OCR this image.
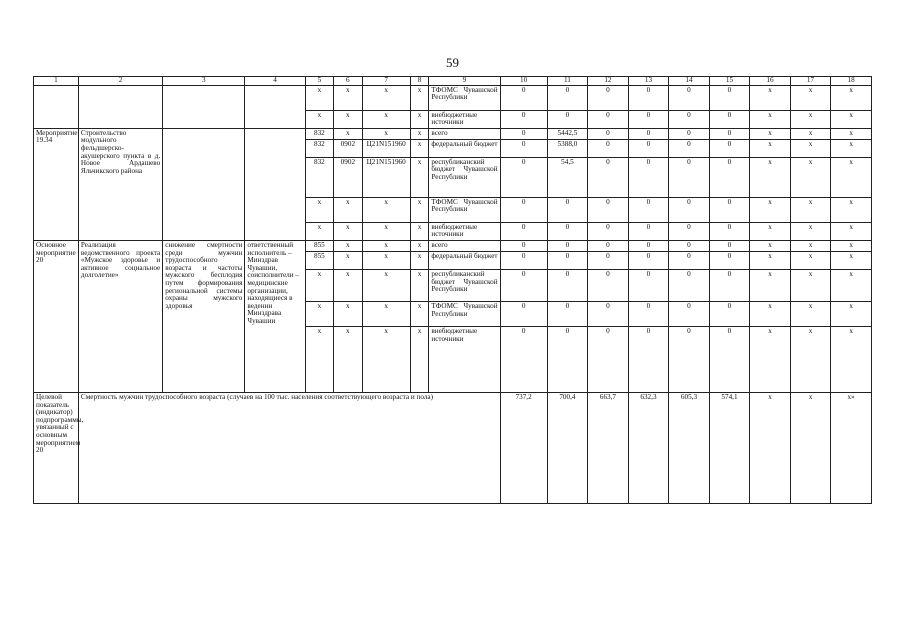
59
1	2	3	4	5	6	7	8	9	10	11	12	13	14	15	16	17	18
				x	x	x	x	ТФОМС Чувашской Республики	0	0	0	0	0	0	x	x	x
				x	x	x	x	внебюджетные источники	0	0	0	0	0	0	x	x	x
Мероприятие 19.34	Строительство модульного фельдшерско-акушерского пункта в д. Новое Ардашево Яльчикского района			832	x	x	x	всего	0	5442,5	0	0	0	0	x	x	x
				832	0902	Ц21N151960	x	федеральный бюджет	0	5388,0	0	0	0	0	x	x	x
				832	0902	Ц21N151960	x	республиканский бюджет Чувашской Республики	0	54,5	0	0	0	0	x	x	x
				x	x	x	x	ТФОМС Чувашской Республики	0	0	0	0	0	0	x	x	x
				x	x	x	x	внебюджетные источники	0	0	0	0	0	0	x	x	x
Основное мероприятие 20	Реализация ведомственного проекта «Мужское здоровье и активное социальное долголетие»	снижение смертности среди мужчин трудоспособного возраста и частоты мужского бесплодия путем формирования региональной системы охраны мужского здоровья	ответственный исполнитель – Минздрав Чувашии, соисполнители – медицинские организации, находящиеся в ведении Минздрава Чувашии	855	x	x	x	всего	0	0	0	0	0	0	x	x	x
				855	x	x	x	федеральный бюджет	0	0	0	0	0	0	x	x	x
				x	x	x	x	республиканский бюджет Чувашской Республики	0	0	0	0	0	0	x	x	x
				x	x	x	x	ТФОМС Чувашской Республики	0	0	0	0	0	0	x	x	x
				x	x	x	x	внебюджетные источники	0	0	0	0	0	0	x	x	x
Целевой показатель (индикатор) подпрограммы, увязанный с основным мероприятием 20	Смертность мужчин трудоспособного возраста (случаев на 100 тыс. населения соответствующего возраста и пола)								737,2	700,4	663,7	632,3	605,3	574,1	x	x	x»
